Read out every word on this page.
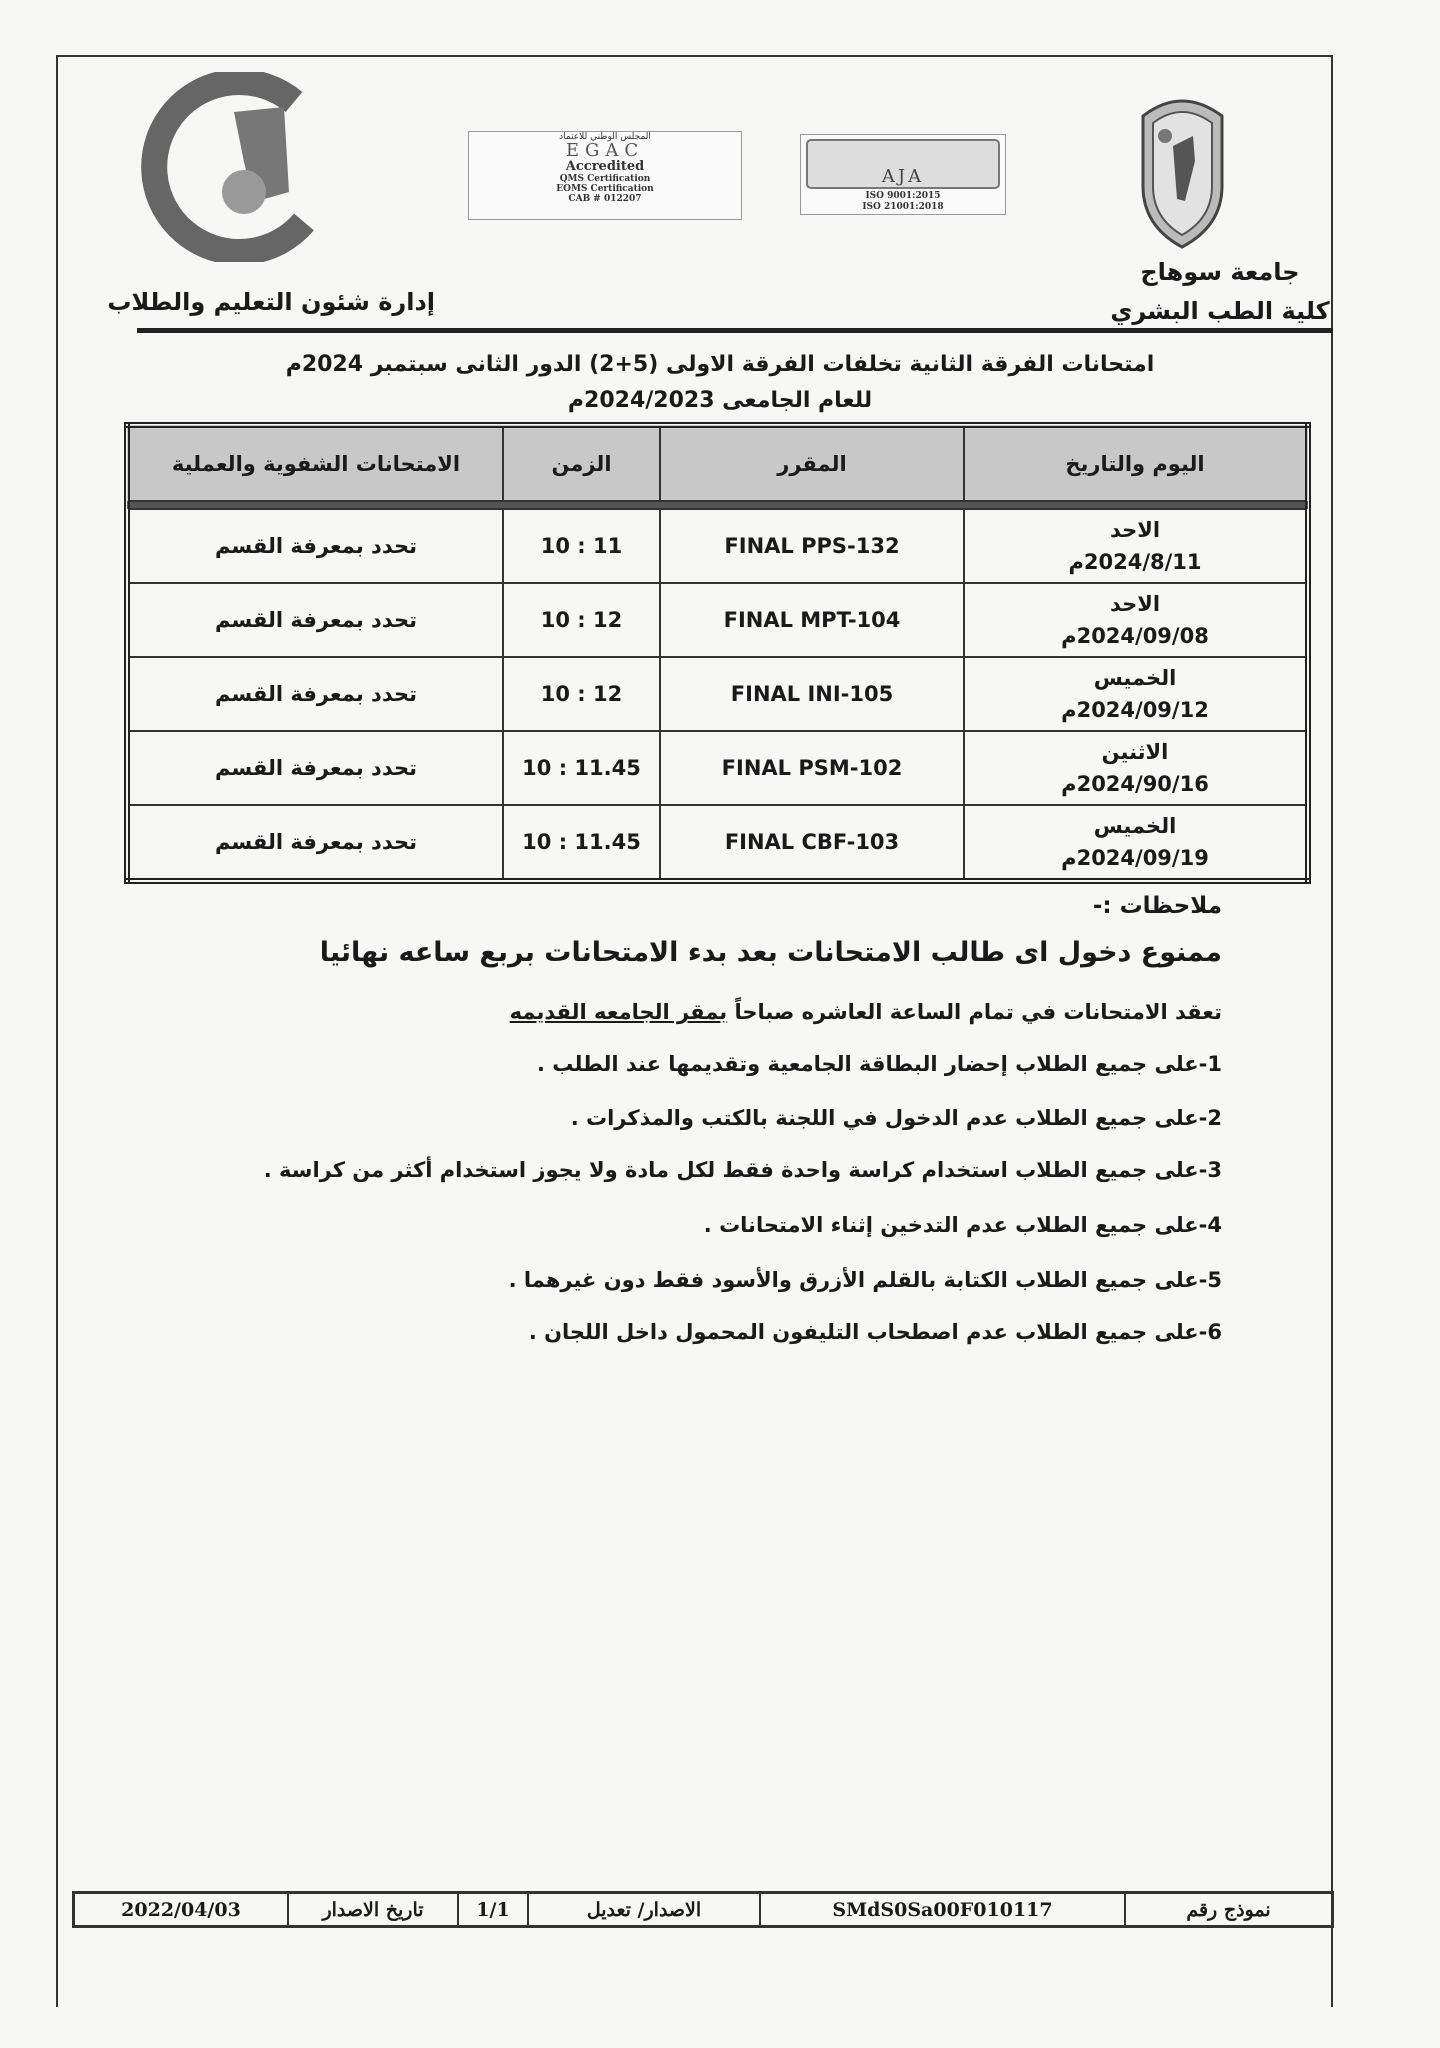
جامعة سوهاج
كلية الطب البشري
إدارة شئون التعليم والطلاب
المجلس الوطني للاعتماد
EGAC
Accredited
QMS Certification
EOMS Certification
CAB # 012207
AJA
ISO 9001:2015
ISO 21001:2018
امتحانات الفرقة الثانية تخلفات الفرقة الاولى (5+2) الدور الثانى سبتمبر 2024م
للعام الجامعى 2024/2023م
اليوم والتاريخ	المقرر	الزمن	الامتحانات الشفوية والعملية

الاحد
2024/8/11م	FINAL PPS-132	10 : 11	تحدد بمعرفة القسم

الاحد
2024/09/08م	FINAL MPT-104	10 : 12	تحدد بمعرفة القسم

الخميس
2024/09/12م	FINAL INI-105	10 : 12	تحدد بمعرفة القسم

الاثنين
2024/90/16م	FINAL PSM-102	10 : 11.45	تحدد بمعرفة القسم

الخميس
2024/09/19م	FINAL CBF-103	10 : 11.45	تحدد بمعرفة القسم
ملاحظات :-
ممنوع دخول اى طالب الامتحانات بعد بدء الامتحانات بربع ساعه نهائيا
تعقد الامتحانات في تمام الساعة العاشره صباحاً بمقر الجامعه القديمه
1-على جميع الطلاب إحضار البطاقة الجامعية وتقديمها عند الطلب .
2-على جميع الطلاب عدم الدخول في اللجنة بالكتب والمذكرات .
3-على جميع الطلاب استخدام كراسة واحدة فقط لكل مادة ولا يجوز استخدام أكثر من كراسة .
4-على جميع الطلاب عدم التدخين إثناء الامتحانات .
5-على جميع الطلاب الكتابة بالقلم الأزرق والأسود فقط دون غيرهما .
6-على جميع الطلاب عدم اصطحاب التليفون المحمول داخل اللجان .
نموذج رقم	SMdS0Sa00F010117	الاصدار/ تعديل	1/1	تاريخ الاصدار	2022/04/03
